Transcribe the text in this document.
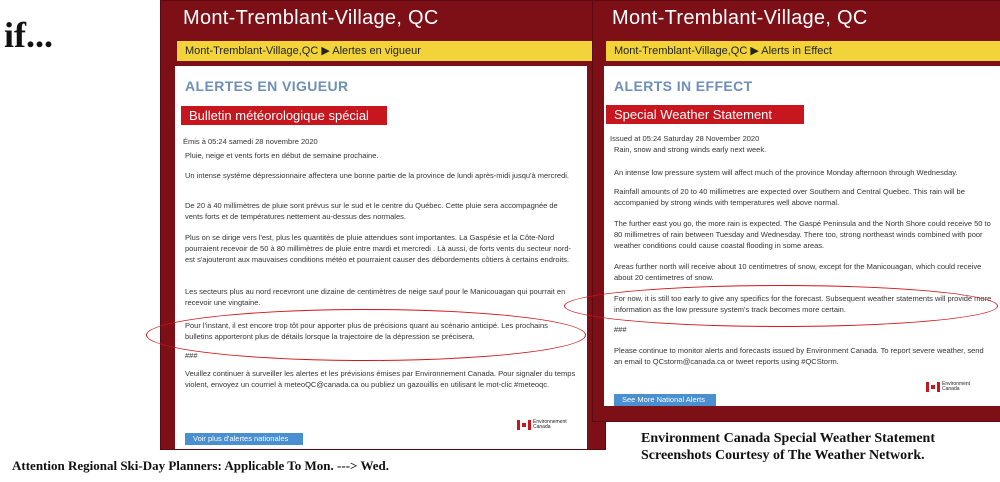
if...	Mont-Tremblant-Village, QC
Mont-Tremblant-Village,QC ▶ Alertes en vigueur
ALERTES EN VIGUEUR
Bulletin météorologique spécial
Émis à 05:24 samedi 28 novembre 2020
Pluie, neige et vents forts en début de semaine prochaine.
Un intense système dépressionnaire affectera une bonne partie de la province de lundi après-midi jusqu'à mercredi.
De 20 à 40 millimètres de pluie sont prévus sur le sud et le centre du Québec. Cette pluie sera accompagnée de vents forts et de températures nettement au-dessus des normales.
Plus on se dirige vers l'est, plus les quantités de pluie attendues sont importantes. La Gaspésie et la Côte-Nord pourraient recevoir de 50 à 80 millimètres de pluie entre mardi et mercredi . Là aussi, de forts vents du secteur nord-est s'ajouteront aux mauvaises conditions météo et pourraient causer des débordements côtiers à certains endroits.
Les secteurs plus au nord recevront une dizaine de centimètres de neige sauf pour le Manicouagan qui pourrait en recevoir une vingtaine.
Pour l'instant, il est encore trop tôt pour apporter plus de précisions quant au scénario anticipé. Les prochains bulletins apporteront plus de détails lorsque la trajectoire de la dépression se précisera.
###
Veuillez continuer à surveiller les alertes et les prévisions émises par Environnement Canada. Pour signaler du temps violent, envoyez un courriel à meteoQC@canada.ca ou publiez un gazouillis en utilisant le mot-clic #meteoqc.
Environnement
Canada
Voir plus d'alertes nationales
Mont-Tremblant-Village, QC
Mont-Tremblant-Village,QC ▶ Alerts in Effect
ALERTS IN EFFECT
Special Weather Statement
Issued at 05:24 Saturday 28 November 2020
Rain, snow and strong winds early next week.
An intense low pressure system will affect much of the province Monday afternoon through Wednesday.
Rainfall amounts of 20 to 40 millimetres are expected over Southern and Central Quebec. This rain will be accompanied by strong winds with temperatures well above normal.
The further east you go, the more rain is expected. The Gaspé Peninsula and the North Shore could receive 50 to 80 millimetres of rain between Tuesday and Wednesday. There too, strong northeast winds combined with poor weather conditions could cause coastal flooding in some areas.
Areas further north will receive about 10 centimetres of snow, except for the Manicouagan, which could receive about 20 centimetres of snow.
For now, it is still too early to give any specifics for the forecast. Subsequent weather statements will provide more information as the low pressure system's track becomes more certain.
###
Please continue to monitor alerts and forecasts issued by Environment Canada. To report severe weather, send an email to QCstorm@canada.ca or tweet reports using #QCStorm.
Environment
Canada
See More National Alerts
Attention Regional Ski-Day Planners: Applicable To Mon. ---> Wed.
Environment Canada Special Weather Statement
Screenshots Courtesy of The Weather Network.
